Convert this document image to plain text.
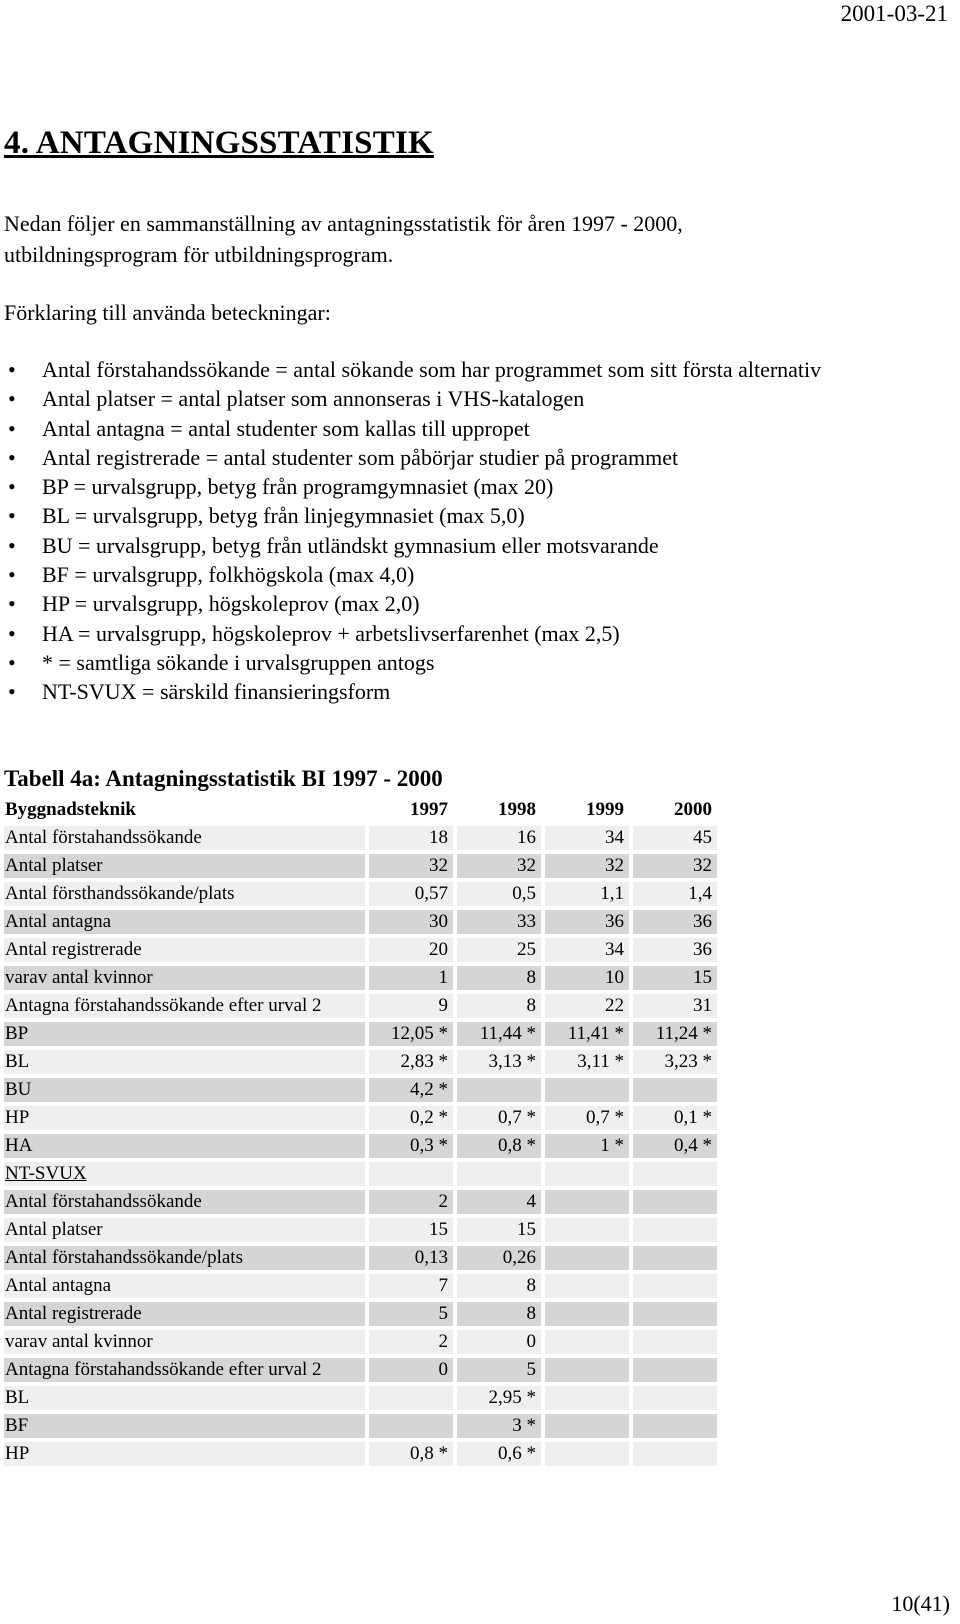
2001-03-21
4. ANTAGNINGSSTATISTIK

Nedan följer en sammanställning av antagningsstatistik för åren 1997 - 2000,
utbildningsprogram för utbildningsprogram.

Förklaring till använda beteckningar:

• Antal förstahandssökande = antal sökande som har programmet som sitt första alternativ
• Antal platser = antal platser som annonseras i VHS-katalogen
• Antal antagna = antal studenter som kallas till uppropet
• Antal registrerade = antal studenter som påbörjar studier på programmet
• BP = urvalsgrupp, betyg från programgymnasiet (max 20)
• BL = urvalsgrupp, betyg från linjegymnasiet (max 5,0)
• BU = urvalsgrupp, betyg från utländskt gymnasium eller motsvarande
• BF = urvalsgrupp, folkhögskola (max 4,0)
• HP = urvalsgrupp, högskoleprov (max 2,0)
• HA = urvalsgrupp, högskoleprov + arbetslivserfarenhet (max 2,5)
• * = samtliga sökande i urvalsgruppen antogs
• NT-SVUX = särskild finansieringsform

Tabell 4a: Antagningsstatistik BI 1997 - 2000

Byggnadsteknik		1997		1998		1999		2000
Antal förstahandssökande		18		16		34		45
Antal platser		32		32		32		32
Antal försthandssökande/plats		0,57		0,5		1,1		1,4
Antal antagna		30		33		36		36
Antal registrerade		20		25		34		36
varav antal kvinnor		1		8		10		15
Antagna förstahandssökande efter urval 2		9		8		22		31
BP		12,05 *		11,44 *		11,41 *		11,24 *
BL		2,83 *		3,13 *		3,11 *		3,23 *
BU		4,2 *						
HP		0,2 *		0,7 *		0,7 *		0,1 *
HA		0,3 *		0,8 *		1 *		0,4 *
NT-SVUX								
Antal förstahandssökande		2		4				
Antal platser		15		15				
Antal förstahandssökande/plats		0,13		0,26				
Antal antagna		7		8				
Antal registrerade		5		8				
varav antal kvinnor		2		0				
Antagna förstahandssökande efter urval 2		0		5				
BL				2,95 *				
BF				3 *				
HP		0,8 *		0,6 *				
10(41)
